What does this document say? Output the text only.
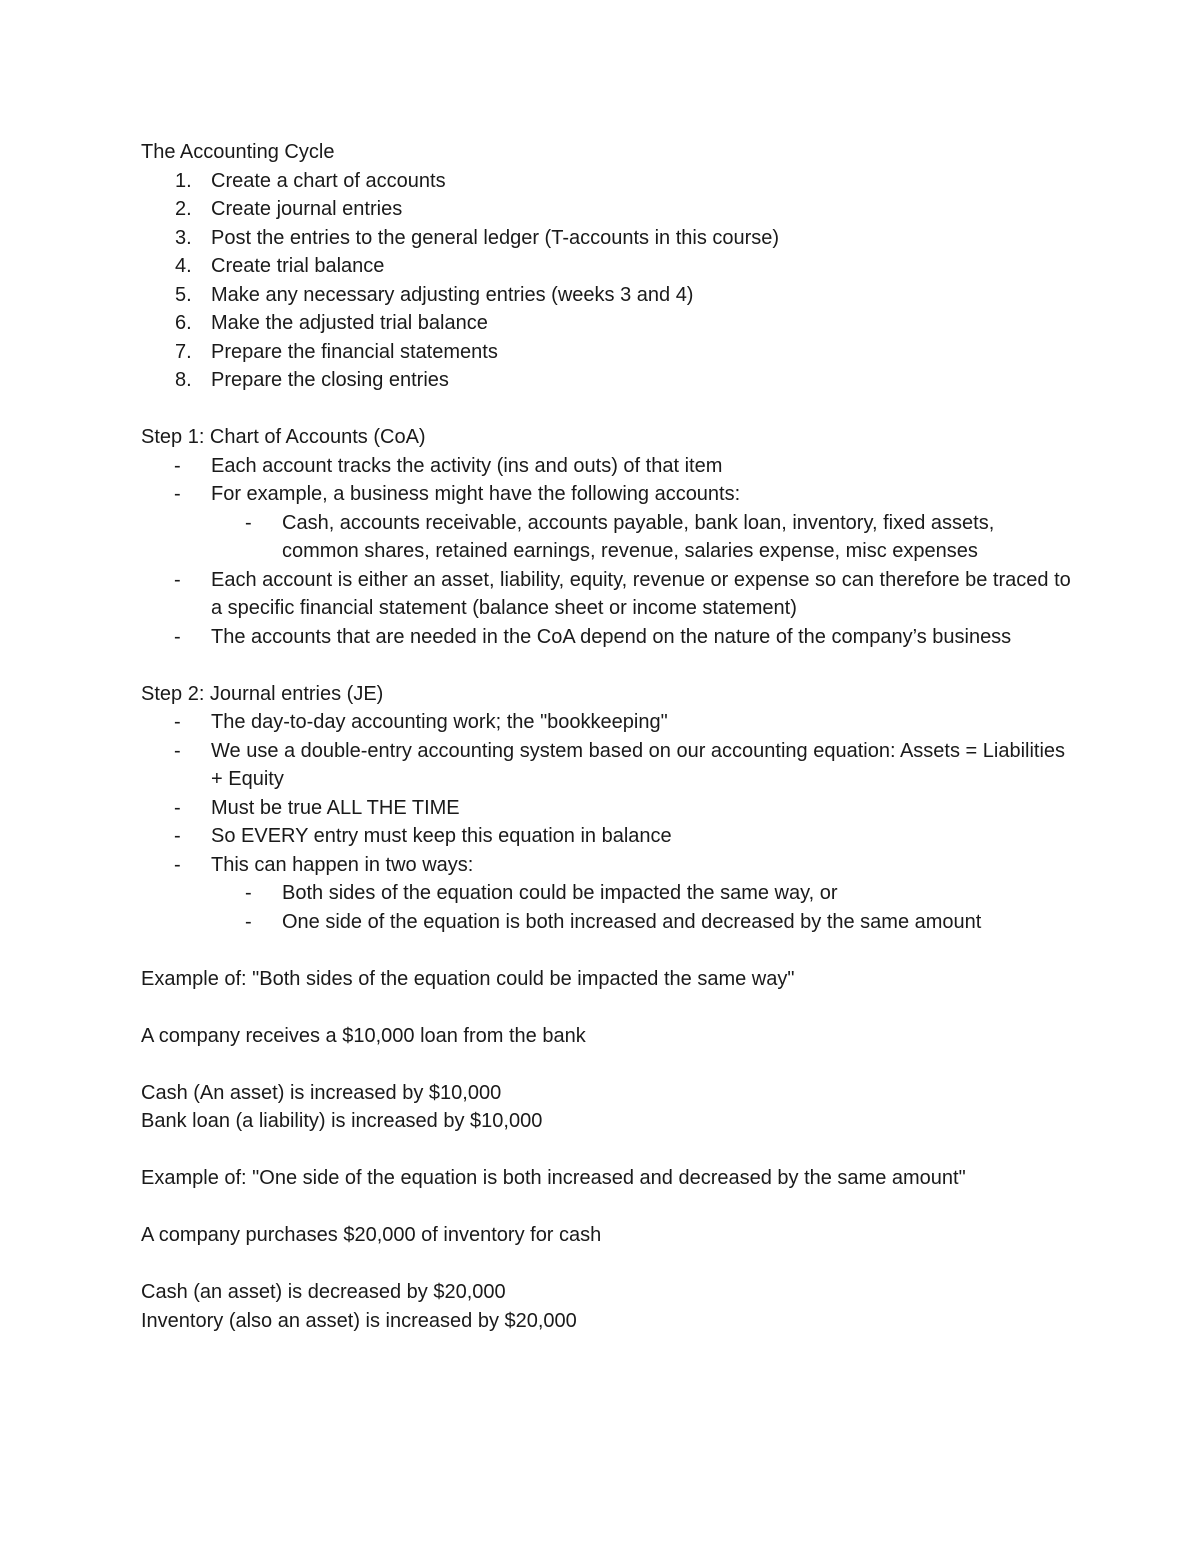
The Accounting Cycle

1. Create a chart of accounts
2. Create journal entries
3. Post the entries to the general ledger (T-accounts in this course)
4. Create trial balance
5. Make any necessary adjusting entries (weeks 3 and 4)
6. Make the adjusted trial balance
7. Prepare the financial statements
8. Prepare the closing entries

Step 1: Chart of Accounts (CoA)

- Each account tracks the activity (ins and outs) of that item
- For example, a business might have the following accounts:
- Cash, accounts receivable, accounts payable, bank loan, inventory, fixed assets, common shares, retained earnings, revenue, salaries expense, misc expenses
- Each account is either an asset, liability, equity, revenue or expense so can therefore be traced to a specific financial statement (balance sheet or income statement)
- The accounts that are needed in the CoA depend on the nature of the company’s business

Step 2: Journal entries (JE)

- The day-to-day accounting work; the "bookkeeping"
- We use a double-entry accounting system based on our accounting equation: Assets = Liabilities + Equity
- Must be true ALL THE TIME
- So EVERY entry must keep this equation in balance
- This can happen in two ways:
- Both sides of the equation could be impacted the same way, or
- One side of the equation is both increased and decreased by the same amount

Example of: "Both sides of the equation could be impacted the same way"

A company receives a $10,000 loan from the bank

Cash (An asset) is increased by $10,000

Bank loan (a liability) is increased by $10,000

Example of: "One side of the equation is both increased and decreased by the same amount"

A company purchases $20,000 of inventory for cash

Cash (an asset) is decreased by $20,000

Inventory (also an asset) is increased by $20,000
